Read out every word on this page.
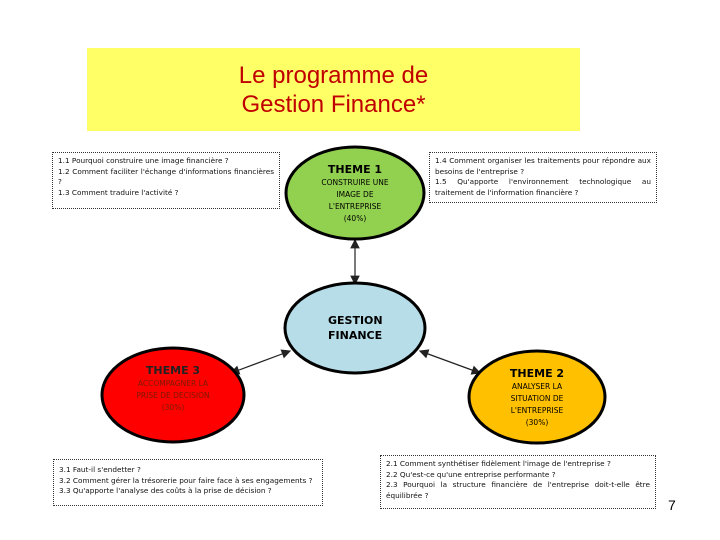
Le programme de
Gestion Finance*
THEME 1
CONSTRUIRE UNE
IMAGE DE
L'ENTREPRISE
(40%)
GESTION
FINANCE
THEME 3
ACCOMPAGNER LA
PRISE DE DECISION
(30%)
THEME 2
ANALYSER LA
SITUATION DE
L'ENTREPRISE
(30%)
1.1 Pourquoi construire une image financière ?
1.2 Comment faciliter l'échange d'informations financières ?
1.3 Comment traduire l'activité ?
1.4 Comment organiser les traitements pour répondre aux besoins de l'entreprise ?
1.5 Qu'apporte l'environnement technologique au traitement de l'information financière ?
3.1 Faut-il s'endetter ?
3.2 Comment gérer la trésorerie pour faire face à ses engagements ?
3.3 Qu'apporte l'analyse des coûts à la prise de décision ?
2.1 Comment synthétiser fidèlement l'image de l'entreprise ?
2.2 Qu'est-ce qu'une entreprise performante ?
2.3 Pourquoi la structure financière de l'entreprise doit-t-elle être équilibrée ?
7
